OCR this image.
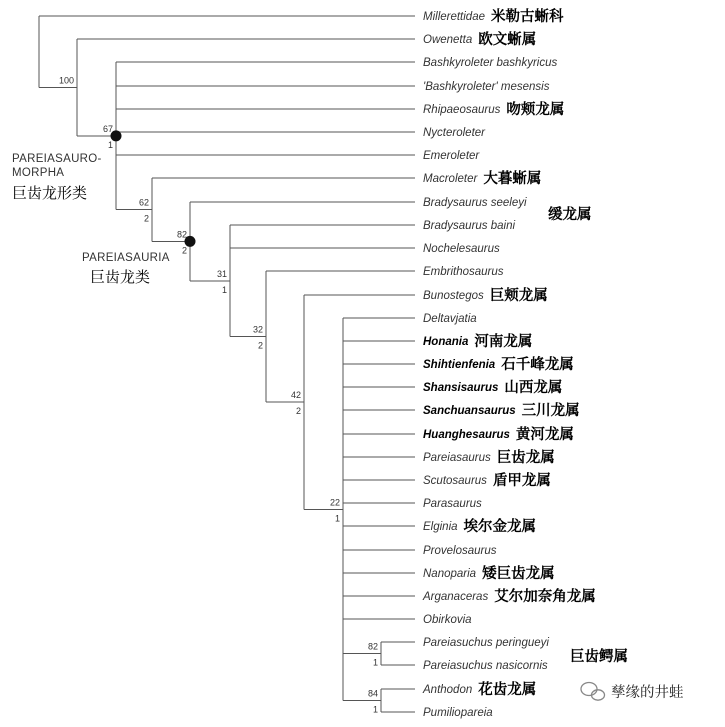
Millerettidae 米勒古蜥科
Owenetta 欧文蜥属
Bashkyroleter bashkyricus
'Bashkyroleter' mesensis
Rhipaeosaurus 吻颊龙属
Nycteroleter
Emeroleter
Macroleter 大暮蜥属
Bradysaurus seeleyi
Bradysaurus baini
Nochelesaurus
Embrithosaurus
Bunostegos 巨颊龙属
Deltavjatia
Honania 河南龙属
Shihtienfenia 石千峰龙属
Shansisaurus 山西龙属
Sanchuansaurus 三川龙属
Huanghesaurus 黄河龙属
Pareiasaurus 巨齿龙属
Scutosaurus 盾甲龙属
Parasaurus
Elginia 埃尔金龙属
Provelosaurus
Nanoparia 矮巨齿龙属
Arganaceras 艾尔加奈角龙属
Obirkovia
Pareiasuchus peringueyi
Pareiasuchus nasicornis
Anthodon 花齿龙属
Pumiliopareia
82
1
84
1
22
1
42
2
32
2
31
1
82
2
62
2
67
1
100
缓龙属
巨齿鳄属
PAREIASAURO-
MORPHA
巨齿龙形类
PAREIASAURIA
巨齿龙类
孳缘的井蛙
